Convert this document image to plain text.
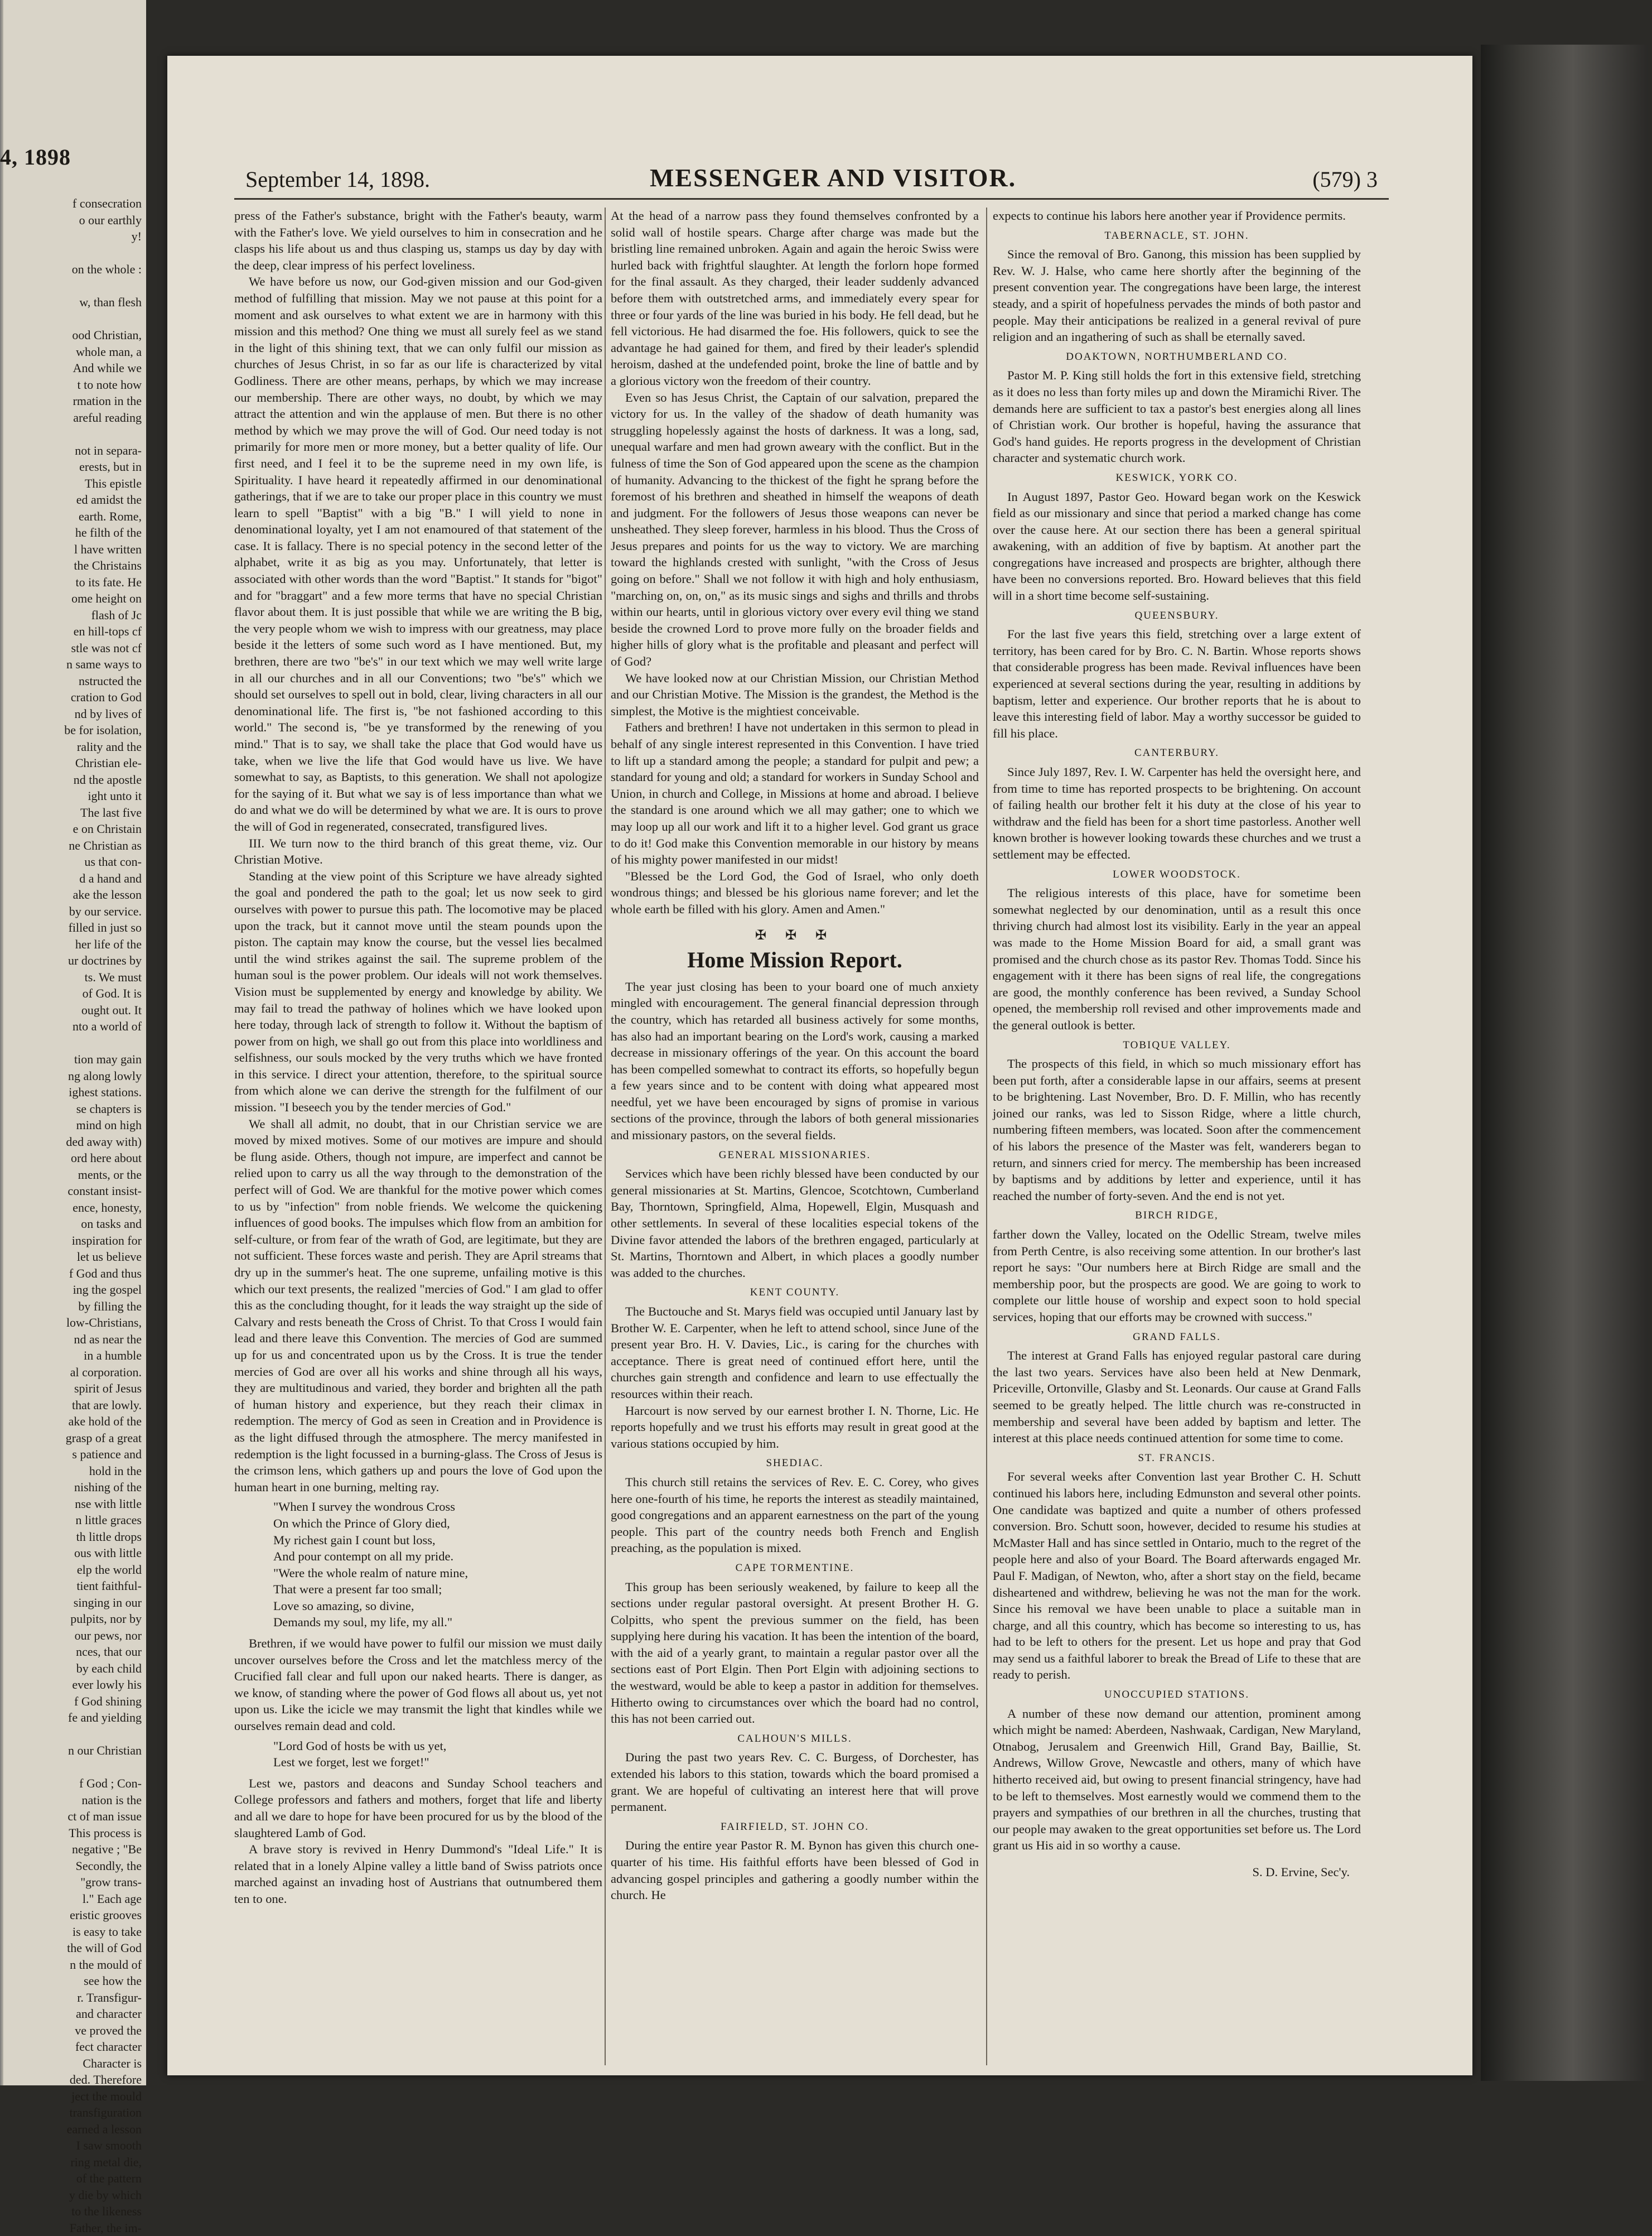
4, 1898
f consecration
o our earthly
y!

on the whole :

w, than flesh

ood Christian,
whole man, a
And while we
t to note how
rmation in the
areful reading

not in separa-
erests, but in
This epistle
ed amidst the
earth. Rome,
he filth of the
l have written
the Christains
to its fate. He
ome height on
flash of Jc
en hill-tops cf
stle was not cf
n same ways to
nstructed the
cration to God
nd by lives of
be for isolation,
rality and the
Christian ele-
nd the apostle
ight unto it
The last five
e on Christain
ne Christian as
us that con-
d a hand and
ake the lesson
by our service.
filled in just so
her life of the
ur doctrines by
ts. We must
of God. It is
ought out. It
nto a world of

tion may gain
ng along lowly
ighest stations.
se chapters is
mind on high
ded away with)
ord here about
ments, or the
constant insist-
ence, honesty,
on tasks and
inspiration for
let us believe
f God and thus
ing the gospel
by filling the
low-Christians,
nd as near the
in a humble
al corporation.
spirit of Jesus
that are lowly.
ake hold of the
grasp of a great
s patience and
hold in the
nishing of the
nse with little
n little graces
th little drops
ous with little
elp the world
tient faithful-
singing in our
pulpits, nor by
our pews, nor
nces, that our
by each child
ever lowly his
f God shining
fe and yielding

n our Christian

f God ; Con-
nation is the
ct of man issue
This process is
negative ; "Be
Secondly, the
"grow trans-
l." Each age
eristic grooves
is easy to take
the will of God
n the mould of
see how the
r. Transfigur-
and character
ve proved the
fect character
Character is
ded. Therefore
ject the mould
transfiguration
earned a lesson
I saw smooth
ring metal die,
of the pattern
y die by which
to the likeness
Father, the im-
September 14, 1898.	MESSENGER AND VISITOR.	(579) 3

press of the Father's substance, bright with the Father's beauty, warm with the Father's love. We yield ourselves to him in consecration and he clasps his life about us and thus clasping us, stamps us day by day with the deep, clear impress of his perfect loveliness.

We have before us now, our God-given mission and our God-given method of fulfilling that mission. May we not pause at this point for a moment and ask ourselves to what extent we are in harmony with this mission and this method? One thing we must all surely feel as we stand in the light of this shining text, that we can only fulfil our mission as churches of Jesus Christ, in so far as our life is characterized by vital Godliness. There are other means, perhaps, by which we may increase our membership. There are other ways, no doubt, by which we may attract the attention and win the applause of men. But there is no other method by which we may prove the will of God. Our need today is not primarily for more men or more money, but a better quality of life. Our first need, and I feel it to be the supreme need in my own life, is Spirituality. I have heard it repeatedly affirmed in our denominational gatherings, that if we are to take our proper place in this country we must learn to spell "Baptist" with a big "B." I will yield to none in denominational loyalty, yet I am not enamoured of that statement of the case. It is fallacy. There is no special potency in the second letter of the alphabet, write it as big as you may. Unfortunately, that letter is associated with other words than the word "Baptist." It stands for "bigot" and for "braggart" and a few more terms that have no special Christian flavor about them. It is just possible that while we are writing the B big, the very people whom we wish to impress with our greatness, may place beside it the letters of some such word as I have mentioned. But, my brethren, there are two "be's" in our text which we may well write large in all our churches and in all our Conventions; two "be's" which we should set ourselves to spell out in bold, clear, living characters in all our denominational life. The first is, "be not fashioned according to this world." The second is, "be ye transformed by the renewing of you mind." That is to say, we shall take the place that God would have us take, when we live the life that God would have us live. We have somewhat to say, as Baptists, to this generation. We shall not apologize for the saying of it. But what we say is of less importance than what we do and what we do will be determined by what we are. It is ours to prove the will of God in regenerated, consecrated, transfigured lives.

III. We turn now to the third branch of this great theme, viz. Our Christian Motive.

Standing at the view point of this Scripture we have already sighted the goal and pondered the path to the goal; let us now seek to gird ourselves with power to pursue this path. The locomotive may be placed upon the track, but it cannot move until the steam pounds upon the piston. The captain may know the course, but the vessel lies becalmed until the wind strikes against the sail. The supreme problem of the human soul is the power problem. Our ideals will not work themselves. Vision must be supplemented by energy and knowledge by ability. We may fail to tread the pathway of holines which we have looked upon here today, through lack of strength to follow it. Without the baptism of power from on high, we shall go out from this place into worldliness and selfishness, our souls mocked by the very truths which we have fronted in this service. I direct your attention, therefore, to the spiritual source from which alone we can derive the strength for the fulfilment of our mission. "I beseech you by the tender mercies of God."

We shall all admit, no doubt, that in our Christian service we are moved by mixed motives. Some of our motives are impure and should be flung aside. Others, though not impure, are imperfect and cannot be relied upon to carry us all the way through to the demonstration of the perfect will of God. We are thankful for the motive power which comes to us by "infection" from noble friends. We welcome the quickening influences of good books. The impulses which flow from an ambition for self-culture, or from fear of the wrath of God, are legitimate, but they are not sufficient. These forces waste and perish. They are April streams that dry up in the summer's heat. The one supreme, unfailing motive is this which our text presents, the realized "mercies of God." I am glad to offer this as the concluding thought, for it leads the way straight up the side of Calvary and rests beneath the Cross of Christ. To that Cross I would fain lead and there leave this Convention. The mercies of God are summed up for us and concentrated upon us by the Cross. It is true the tender mercies of God are over all his works and shine through all his ways, they are multitudinous and varied, they border and brighten all the path of human history and experience, but they reach their climax in redemption. The mercy of God as seen in Creation and in Providence is as the light diffused through the atmosphere. The mercy manifested in redemption is the light focussed in a burning-glass. The Cross of Jesus is the crimson lens, which gathers up and pours the love of God upon the human heart in one burning, melting ray.

"When I survey the wondrous Cross
On which the Prince of Glory died,
My richest gain I count but loss,
And pour contempt on all my pride.
"Were the whole realm of nature mine,
That were a present far too small;
Love so amazing, so divine,
Demands my soul, my life, my all."

Brethren, if we would have power to fulfil our mission we must daily uncover ourselves before the Cross and let the matchless mercy of the Crucified fall clear and full upon our naked hearts. There is danger, as we know, of standing where the power of God flows all about us, yet not upon us. Like the icicle we may transmit the light that kindles while we ourselves remain dead and cold.

"Lord God of hosts be with us yet,
Lest we forget, lest we forget!"

Lest we, pastors and deacons and Sunday School teachers and College professors and fathers and mothers, forget that life and liberty and all we dare to hope for have been procured for us by the blood of the slaughtered Lamb of God.

A brave story is revived in Henry Dummond's "Ideal Life." It is related that in a lonely Alpine valley a little band of Swiss patriots once marched against an invading host of Austrians that outnumbered them ten to one.

At the head of a narrow pass they found themselves confronted by a solid wall of hostile spears. Charge after charge was made but the bristling line remained unbroken. Again and again the heroic Swiss were hurled back with frightful slaughter. At length the forlorn hope formed for the final assault. As they charged, their leader suddenly advanced before them with outstretched arms, and immediately every spear for three or four yards of the line was buried in his body. He fell dead, but he fell victorious. He had disarmed the foe. His followers, quick to see the advantage he had gained for them, and fired by their leader's splendid heroism, dashed at the undefended point, broke the line of battle and by a glorious victory won the freedom of their country.

Even so has Jesus Christ, the Captain of our salvation, prepared the victory for us. In the valley of the shadow of death humanity was struggling hopelessly against the hosts of darkness. It was a long, sad, unequal warfare and men had grown aweary with the conflict. But in the fulness of time the Son of God appeared upon the scene as the champion of humanity. Advancing to the thickest of the fight he sprang before the foremost of his brethren and sheathed in himself the weapons of death and judgment. For the followers of Jesus those weapons can never be unsheathed. They sleep forever, harmless in his blood. Thus the Cross of Jesus prepares and points for us the way to victory. We are marching toward the highlands crested with sunlight, "with the Cross of Jesus going on before." Shall we not follow it with high and holy enthusiasm, "marching on, on, on," as its music sings and sighs and thrills and throbs within our hearts, until in glorious victory over every evil thing we stand beside the crowned Lord to prove more fully on the broader fields and higher hills of glory what is the profitable and pleasant and perfect will of God?

We have looked now at our Christian Mission, our Christian Method and our Christian Motive. The Mission is the grandest, the Method is the simplest, the Motive is the mightiest conceivable.

Fathers and brethren! I have not undertaken in this sermon to plead in behalf of any single interest represented in this Convention. I have tried to lift up a standard among the people; a standard for pulpit and pew; a standard for young and old; a standard for workers in Sunday School and Union, in church and College, in Missions at home and abroad. I believe the standard is one around which we all may gather; one to which we may loop up all our work and lift it to a higher level. God grant us grace to do it! God make this Convention memorable in our history by means of his mighty power manifested in our midst!

"Blessed be the Lord God, the God of Israel, who only doeth wondrous things; and blessed be his glorious name forever; and let the whole earth be filled with his glory. Amen and Amen."

✠ ✠ ✠
Home Mission Report.

The year just closing has been to your board one of much anxiety mingled with encouragement. The general financial depression through the country, which has retarded all business actively for some months, has also had an important bearing on the Lord's work, causing a marked decrease in missionary offerings of the year. On this account the board has been compelled somewhat to contract its efforts, so hopefully begun a few years since and to be content with doing what appeared most needful, yet we have been encouraged by signs of promise in various sections of the province, through the labors of both general missionaries and missionary pastors, on the several fields.

GENERAL MISSIONARIES.

Services which have been richly blessed have been conducted by our general missionaries at St. Martins, Glencoe, Scotchtown, Cumberland Bay, Thorntown, Springfield, Alma, Hopewell, Elgin, Musquash and other settlements. In several of these localities especial tokens of the Divine favor attended the labors of the brethren engaged, particularly at St. Martins, Thorntown and Albert, in which places a goodly number was added to the churches.

KENT COUNTY.

The Buctouche and St. Marys field was occupied until January last by Brother W. E. Carpenter, when he left to attend school, since June of the present year Bro. H. V. Davies, Lic., is caring for the churches with acceptance. There is great need of continued effort here, until the churches gain strength and confidence and learn to use effectually the resources within their reach.

Harcourt is now served by our earnest brother I. N. Thorne, Lic. He reports hopefully and we trust his efforts may result in great good at the various stations occupied by him.

SHEDIAC.

This church still retains the services of Rev. E. C. Corey, who gives here one-fourth of his time, he reports the interest as steadily maintained, good congregations and an apparent earnestness on the part of the young people. This part of the country needs both French and English preaching, as the population is mixed.

CAPE TORMENTINE.

This group has been seriously weakened, by failure to keep all the sections under regular pastoral oversight. At present Brother H. G. Colpitts, who spent the previous summer on the field, has been supplying here during his vacation. It has been the intention of the board, with the aid of a yearly grant, to maintain a regular pastor over all the sections east of Port Elgin. Then Port Elgin with adjoining sections to the westward, would be able to keep a pastor in addition for themselves. Hitherto owing to circumstances over which the board had no control, this has not been carried out.

CALHOUN'S MILLS.

During the past two years Rev. C. C. Burgess, of Dorchester, has extended his labors to this station, towards which the board promised a grant. We are hopeful of cultivating an interest here that will prove permanent.

FAIRFIELD, ST. JOHN CO.

During the entire year Pastor R. M. Bynon has given this church one-quarter of his time. His faithful efforts have been blessed of God in advancing gospel principles and gathering a goodly number within the church. He

expects to continue his labors here another year if Providence permits.

TABERNACLE, ST. JOHN.

Since the removal of Bro. Ganong, this mission has been supplied by Rev. W. J. Halse, who came here shortly after the beginning of the present convention year. The congregations have been large, the interest steady, and a spirit of hopefulness pervades the minds of both pastor and people. May their anticipations be realized in a general revival of pure religion and an ingathering of such as shall be eternally saved.

DOAKTOWN, NORTHUMBERLAND CO.

Pastor M. P. King still holds the fort in this extensive field, stretching as it does no less than forty miles up and down the Miramichi River. The demands here are sufficient to tax a pastor's best energies along all lines of Christian work. Our brother is hopeful, having the assurance that God's hand guides. He reports progress in the development of Christian character and systematic church work.

KESWICK, YORK CO.

In August 1897, Pastor Geo. Howard began work on the Keswick field as our missionary and since that period a marked change has come over the cause here. At our section there has been a general spiritual awakening, with an addition of five by baptism. At another part the congregations have increased and prospects are brighter, although there have been no conversions reported. Bro. Howard believes that this field will in a short time become self-sustaining.

QUEENSBURY.

For the last five years this field, stretching over a large extent of territory, has been cared for by Bro. C. N. Bartin. Whose reports shows that considerable progress has been made. Revival influences have been experienced at several sections during the year, resulting in additions by baptism, letter and experience. Our brother reports that he is about to leave this interesting field of labor. May a worthy successor be guided to fill his place.

CANTERBURY.

Since July 1897, Rev. I. W. Carpenter has held the oversight here, and from time to time has reported prospects to be brightening. On account of failing health our brother felt it his duty at the close of his year to withdraw and the field has been for a short time pastorless. Another well known brother is however looking towards these churches and we trust a settlement may be effected.

LOWER WOODSTOCK.

The religious interests of this place, have for sometime been somewhat neglected by our denomination, until as a result this once thriving church had almost lost its visibility. Early in the year an appeal was made to the Home Mission Board for aid, a small grant was promised and the church chose as its pastor Rev. Thomas Todd. Since his engagement with it there has been signs of real life, the congregations are good, the monthly conference has been revived, a Sunday School opened, the membership roll revised and other improvements made and the general outlook is better.

TOBIQUE VALLEY.

The prospects of this field, in which so much missionary effort has been put forth, after a considerable lapse in our affairs, seems at present to be brightening. Last November, Bro. D. F. Millin, who has recently joined our ranks, was led to Sisson Ridge, where a little church, numbering fifteen members, was located. Soon after the commencement of his labors the presence of the Master was felt, wanderers began to return, and sinners cried for mercy. The membership has been increased by baptisms and by additions by letter and experience, until it has reached the number of forty-seven. And the end is not yet.

BIRCH RIDGE,

farther down the Valley, located on the Odellic Stream, twelve miles from Perth Centre, is also receiving some attention. In our brother's last report he says: "Our numbers here at Birch Ridge are small and the membership poor, but the prospects are good. We are going to work to complete our little house of worship and expect soon to hold special services, hoping that our efforts may be crowned with success."

GRAND FALLS.

The interest at Grand Falls has enjoyed regular pastoral care during the last two years. Services have also been held at New Denmark, Priceville, Ortonville, Glasby and St. Leonards. Our cause at Grand Falls seemed to be greatly helped. The little church was re-constructed in membership and several have been added by baptism and letter. The interest at this place needs continued attention for some time to come.

ST. FRANCIS.

For several weeks after Convention last year Brother C. H. Schutt continued his labors here, including Edmunston and several other points. One candidate was baptized and quite a number of others professed conversion. Bro. Schutt soon, however, decided to resume his studies at McMaster Hall and has since settled in Ontario, much to the regret of the people here and also of your Board. The Board afterwards engaged Mr. Paul F. Madigan, of Newton, who, after a short stay on the field, became disheartened and withdrew, believing he was not the man for the work. Since his removal we have been unable to place a suitable man in charge, and all this country, which has become so interesting to us, has had to be left to others for the present. Let us hope and pray that God may send us a faithful laborer to break the Bread of Life to these that are ready to perish.

UNOCCUPIED STATIONS.

A number of these now demand our attention, prominent among which might be named: Aberdeen, Nashwaak, Cardigan, New Maryland, Otnabog, Jerusalem and Greenwich Hill, Grand Bay, Baillie, St. Andrews, Willow Grove, Newcastle and others, many of which have hitherto received aid, but owing to present financial stringency, have had to be left to themselves. Most earnestly would we commend them to the prayers and sympathies of our brethren in all the churches, trusting that our people may awaken to the great opportunities set before us. The Lord grant us His aid in so worthy a cause.

S. D. Ervine, Sec'y.
